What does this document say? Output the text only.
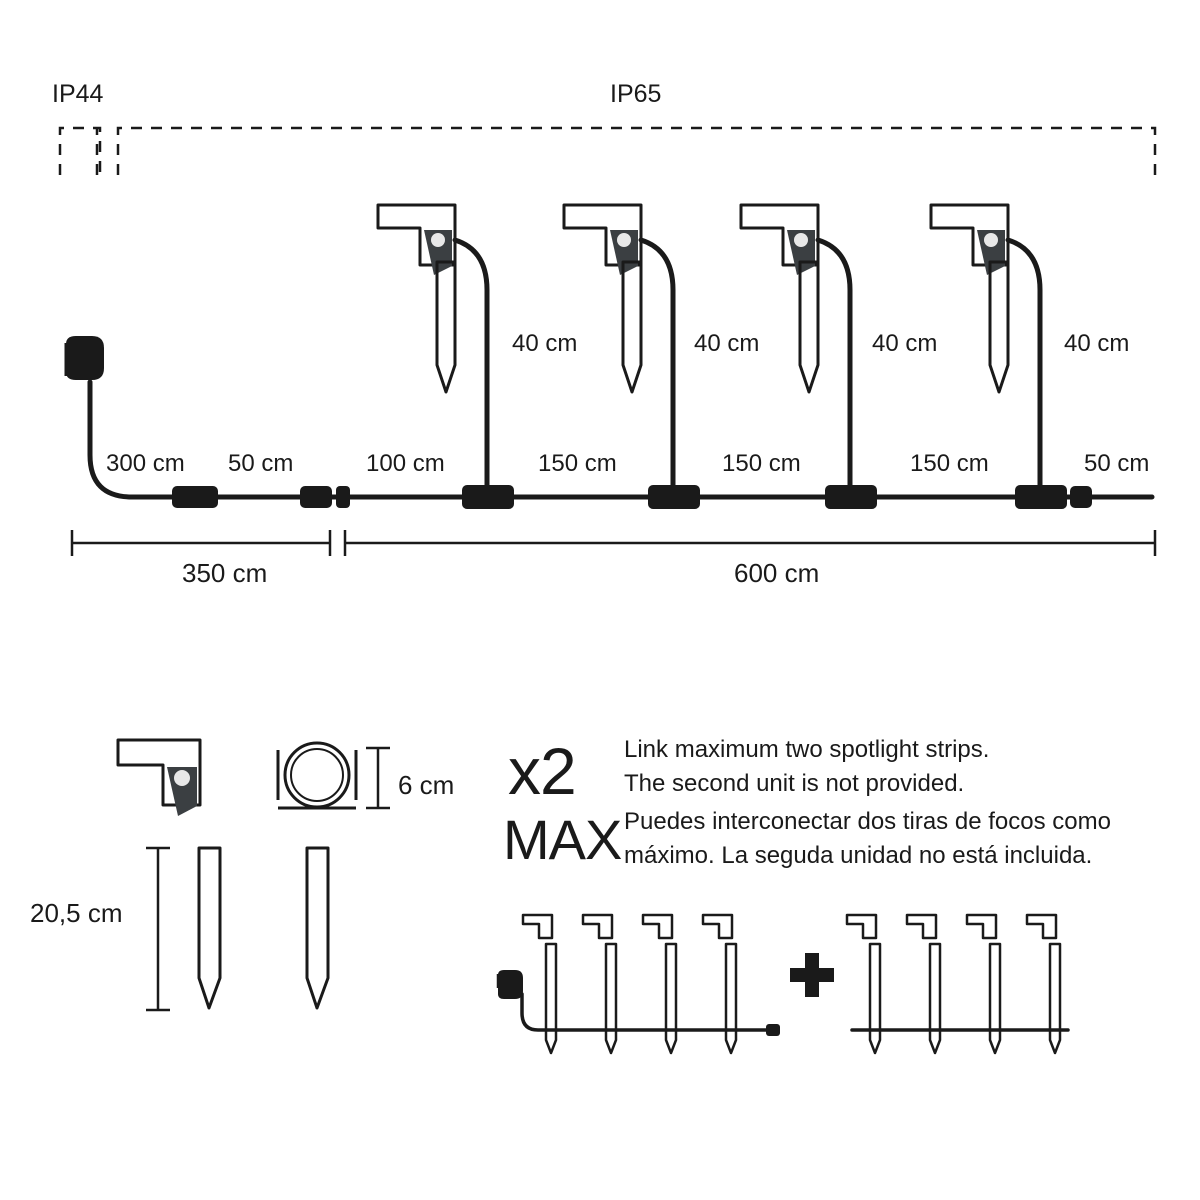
IP44	IP65
300 cm 50 cm	100 cm	150 cm	150 cm	150 cm	50 cm
40 cm	40 cm	40 cm	40 cm
350 cm	600 cm
20,5 cm
6 cm x2
MAX
Link maximum two spotlight strips.
The second unit is not provided.
Puedes interconectar dos tiras de focos como
máximo. La seguda unidad no está incluida.
